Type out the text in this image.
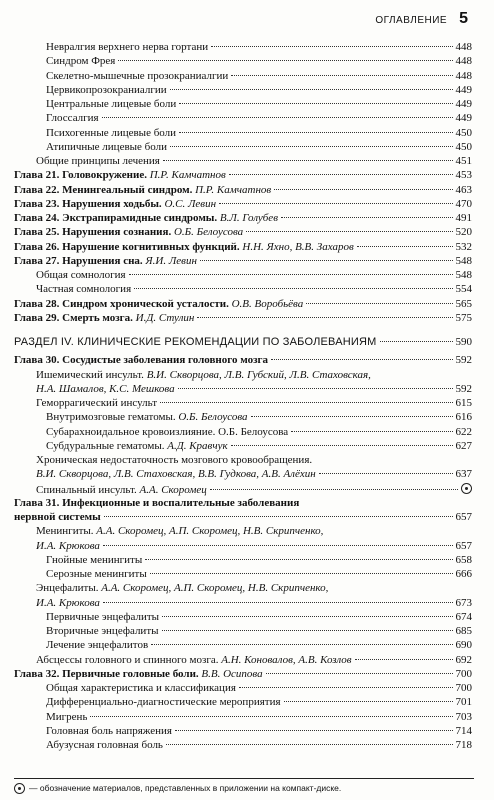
ОГЛАВЛЕНИЕ 5
Невралгия верхнего нерва гортани	448
Синдром Фрея	448
Скелетно-мышечные прозокраниалгии	448
Цервикопрозокраниалгии	449
Центральные лицевые боли	449
Глоссалгия	449
Психогенные лицевые боли	450
Атипичные лицевые боли	450
Общие принципы лечения	451
Глава 21. Головокружение. П.Р. Камчатнов	453
Глава 22. Менингеальный синдром. П.Р. Камчатнов	463
Глава 23. Нарушения ходьбы. О.С. Левин	470
Глава 24. Экстрапирамидные синдромы. В.Л. Голубев	491
Глава 25. Нарушения сознания. О.Б. Белоусова	520
Глава 26. Нарушение когнитивных функций. Н.Н. Яхно, В.В. Захаров	532
Глава 27. Нарушения сна. Я.И. Левин	548
Общая сомнология	548
Частная сомнология	554
Глава 28. Синдром хронической усталости. О.В. Воробьёва	565
Глава 29. Смерть мозга. И.Д. Стулин	575
РАЗДЕЛ IV. КЛИНИЧЕСКИЕ РЕКОМЕНДАЦИИ ПО ЗАБОЛЕВАНИЯМ	590
Глава 30. Сосудистые заболевания головного мозга	592
Ишемический инсульт. В.И. Скворцова, Л.В. Губский, Л.В. Стаховская,
Н.А. Шамалов, К.С. Мешкова	592
Геморрагический инсульт	615
Внутримозговые гематомы. О.Б. Белоусова	616
Субарахноидальное кровоизлияние. О.Б. Белоусова	622
Субдуральные гематомы. А.Д. Кравчук	627
Хроническая недостаточность мозгового кровообращения.
В.И. Скворцова, Л.В. Стаховская, В.В. Гудкова, А.В. Алёхин	637
Спинальный инсульт. А.А. Скоромец
Глава 31. Инфекционные и воспалительные заболевания
нервной системы	657
Менингиты. А.А. Скоромец, А.П. Скоромец, Н.В. Скрипченко,
И.А. Крюкова	657
Гнойные менингиты	658
Серозные менингиты	666
Энцефалиты. А.А. Скоромец, А.П. Скоромец, Н.В. Скрипченко,
И.А. Крюкова	673
Первичные энцефалиты	674
Вторичные энцефалиты	685
Лечение энцефалитов	690
Абсцессы головного и спинного мозга. А.Н. Коновалов, А.В. Козлов	692
Глава 32. Первичные головные боли. В.В. Осипова	700
Общая характеристика и классификация	700
Дифференциально-диагностические мероприятия	701
Мигрень	703
Головная боль напряжения	714
Абузусная головная боль	718
— обозначение материалов, представленных в приложении на компакт-диске.
